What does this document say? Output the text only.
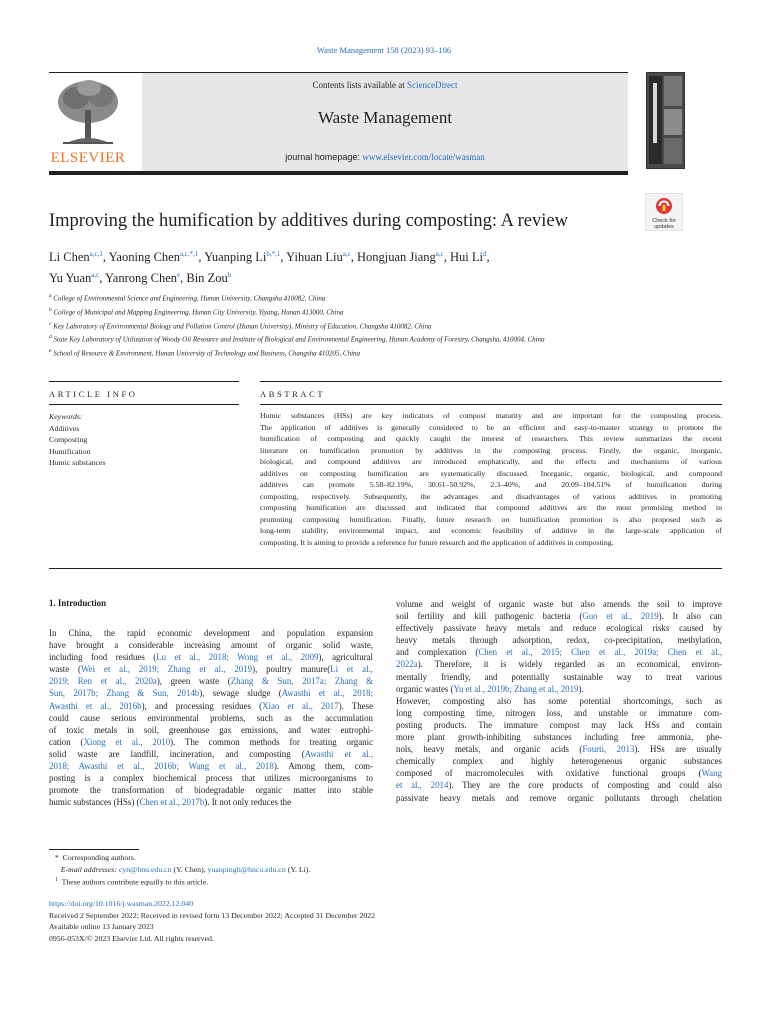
Waste Management 158 (2023) 93–106
ELSEVIER
Contents lists available at ScienceDirect
Waste Management
journal homepage: www.elsevier.com/locate/wasman
Improving the humification by additives during composting: A review	Check for
updates
Li Chen$^{a,c,1}$, Yaoning Chen$^{a,c,*,1}$, Yuanping $Li^{b,*,1}$, Yihuan Liu$^{a,c}$, Hongjuan Jiang$^{a,c}$, Hui Li$^d$,
Yu Yuan$^{a,c}$, Yanrong Chen$^e$, Bin Zou$^b$
$^a$ College of Environmental Science and Engineering, Hunan University, Changsha 410082, China
$^b$ College of Municipal and Mapping Engineering, Hunan City University, Yiyang, Hunan 413000, China
$^c$ Key Laboratory of Environmental Biology and Pollution Control (Hunan University), Ministry of Education, Changsha 410082, China
$^d$ State Key Laboratory of Utilization of Woody Oil Resource and Institute of Biological and Environmental Engineering, Hunan Academy of Forestry, Changsha, 410004, China
$^e$ School of Resource & Environment, Hunan University of Technology and Business, Changsha 410205, China
ARTICLE INFO	ABSTRACT
Keywords:
Additives
Composting
Humification
Humic substances
Humic substances (HSs) are key indicators of compost maturity and are important for the composting process.
The application of additives is generally considered to be an efficient and easy-to-master strategy to promote the
humification of composting and quickly caught the interest of researchers. This review summarizes the recent
literature on humification promotion by additives in the composting process. Firstly, the organic, inorganic,
biological, and compound additives are introduced emphatically, and the effects and mechanisms of various
additives on composting humification are systematically discussed. Inorganic, organic, biological, and compound
additives can promote 5.58–82.19%, 30.61–50.92%, 2.3–40%, and 20.09–104.51% of humification during
composting, respectively. Subsequently, the advantages and disadvantages of various additives in promoting
composting humification are discussed and indicated that compound additives are the most promising method in
promoting composting humification. Finally, future research on humification promotion is also proposed such as
long-term stability, environmental impact, and economic feasibility of additive in the large-scale application of
composting. It is aiming to provide a reference for future research and the application of additives in composting.
1. Introduction
In China, the rapid economic development and population expansion
have brought a considerable increasing amount of organic solid waste,
including food residues (Lu et al., 2018; Wong et al., 2009), agricultural
waste (Wei et al., 2019; Zhang et al., 2019), poultry manure(Li et al.,
2019; Ren et al., 2020a), green waste (Zhang & Sun, 2017a; Zhang &
Sun, 2017b; Zhang & Sun, 2014b), sewage sludge (Awasthi et al., 2018;
Awasthi et al., 2016b), and processing residues (Xiao et al., 2017). These
could cause serious environmental problems, such as the accumulation
of toxic metals in soil, greenhouse gas emissions, and water eutrophi-
cation (Xiong et al., 2010). The common methods for treating organic
solid waste are landfill, incineration, and composting (Awasthi et al.,
2018; Awasthi et al., 2016b; Wang et al., 2018). Among them, com-
posting is a complex biochemical process that utilizes microorganisms to
promote the transformation of biodegradable organic matter into stable
humic substances (HSs) (Chen et al., 2017b). It not only reduces the
volume and weight of organic waste but also amends the soil to improve
soil fertility and kill pathogenic bacteria (Guo et al., 2019). It also can
effectively passivate heavy metals and reduce ecological risks caused by
heavy metals through adsorption, redox, co-precipitation, methylation,
and complexation (Chen et al., 2015; Chen et al., 2019a; Chen et al.,
2022a). Therefore, it is widely regarded as an economical, environ-
mentally friendly, and potentially sustainable way to treat various
organic wastes (Yu et al., 2019b; Zhang et al., 2019).
However, composting also has some potential shortcomings, such as
long composting time, nitrogen loss, and unstable or immature com-
posting products. The immature compost may lack HSs and contain
more plant growth-inhibiting substances including free ammonia, phe-
nols, heavy metals, and organic acids (Fourti, 2013). HSs are usually
chemically complex and highly heterogeneous organic substances
composed of macromolecules with oxidative functional groups (Wang
et al., 2014). They are the core products of composting and could also
passivate heavy metals and remove organic pollutants through chelation
*  Corresponding authors.
E-mail addresses: cyn@hnu.edu.cn (Y. Chen), yuanpingli@hncu.edu.cn (Y. Li).
$^1$ These authors contribute equally to this article.
https://doi.org/10.1016/j.wasman.2022.12.040
Received 2 September 2022; Received in revised form 13 December 2022; Accepted 31 December 2022
Available online 13 January 2023
0956-053X/© 2023 Elsevier Ltd. All rights reserved.
